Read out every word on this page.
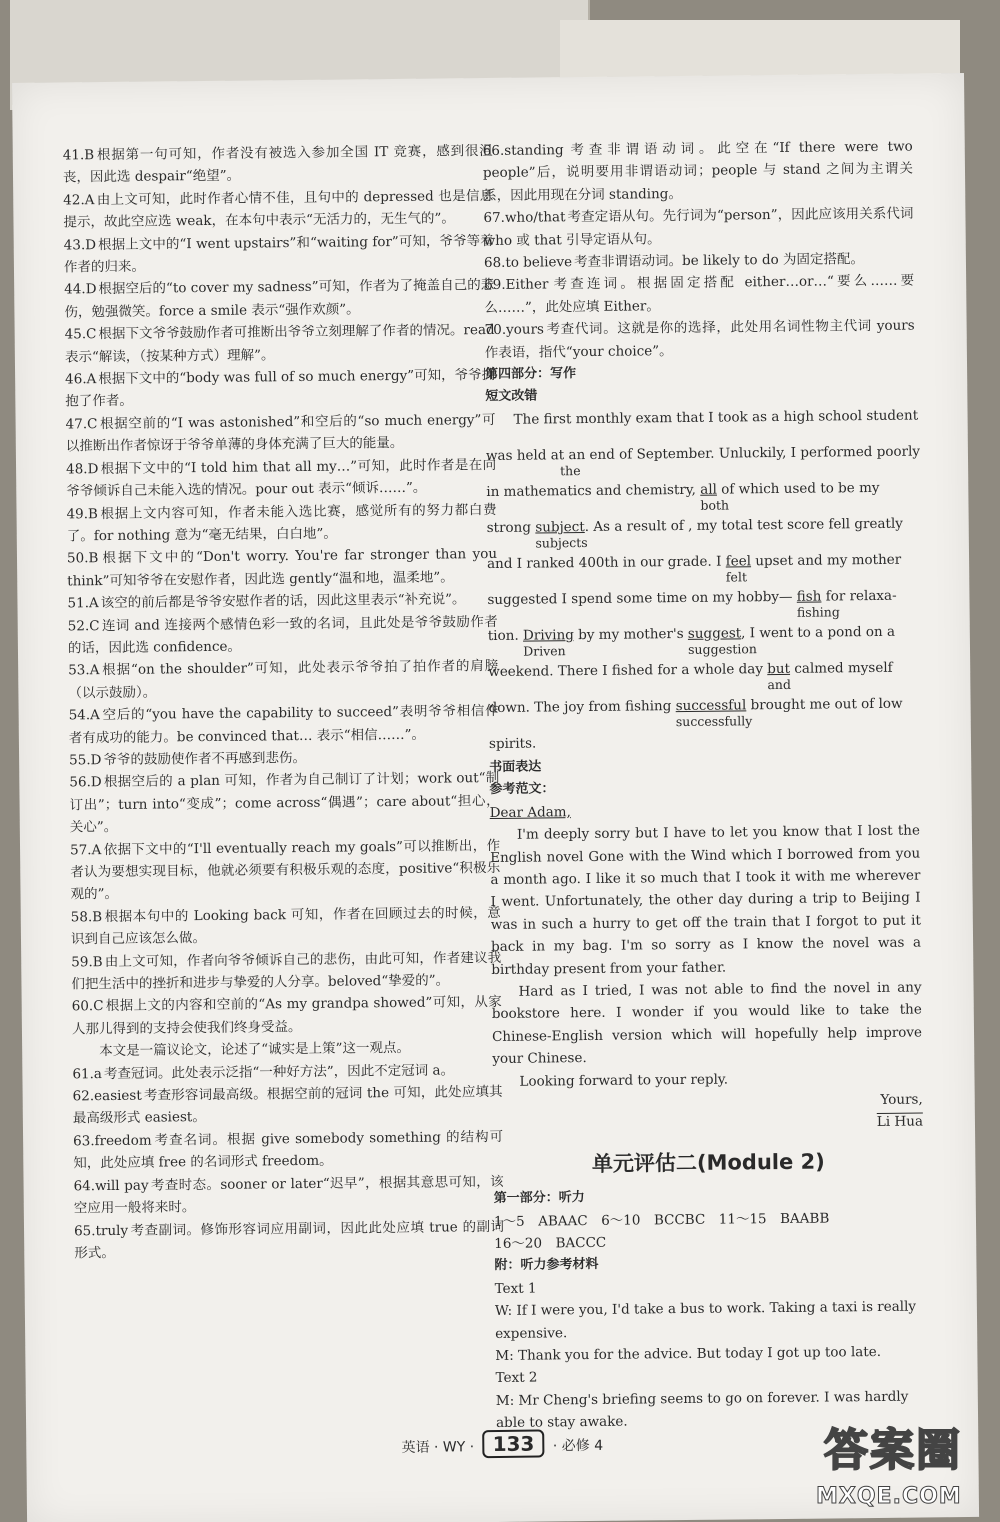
41.B 根据第一句可知，作者没有被选入参加全国 IT 竞赛，感到很沮丧，因此选 despair“绝望”。
42.A 由上文可知，此时作者心情不佳，且句中的 depressed 也是信息提示，故此空应选 weak，在本句中表示“无活力的，无生气的”。
43.D 根据上文中的“I went upstairs”和“waiting for”可知，爷爷等着作者的归来。
44.D 根据空后的“to cover my sadness”可知，作者为了掩盖自己的悲伤，勉强微笑。force a smile 表示“强作欢颜”。
45.C 根据下文爷爷鼓励作者可推断出爷爷立刻理解了作者的情况。read 表示“解读，（按某种方式）理解”。
46.A 根据下文中的“body was full of so much energy”可知，爷爷拥抱了作者。
47.C 根据空前的“I was astonished”和空后的“so much energy”可以推断出作者惊讶于爷爷单薄的身体充满了巨大的能量。
48.D 根据下文中的“I told him that all my…”可知，此时作者是在向爷爷倾诉自己未能入选的情况。pour out 表示“倾诉……”。
49.B 根据上文内容可知，作者未能入选比赛，感觉所有的努力都白费了。for nothing 意为“毫无结果，白白地”。
50.B 根据下文中的“Don't worry. You're far stronger than you think”可知爷爷在安慰作者，因此选 gently“温和地，温柔地”。
51.A 该空的前后都是爷爷安慰作者的话，因此这里表示“补充说”。
52.C 连词 and 连接两个感情色彩一致的名词，且此处是爷爷鼓励作者的话，因此选 confidence。
53.A 根据“on the shoulder”可知，此处表示爷爷拍了拍作者的肩膀（以示鼓励）。
54.A 空后的“you have the capability to succeed”表明爷爷相信作者有成功的能力。be convinced that… 表示“相信……”。
55.D 爷爷的鼓励使作者不再感到悲伤。
56.D 根据空后的 a plan 可知，作者为自己制订了计划；work out“制订出”；turn into“变成”；come across“偶遇”；care about“担心，关心”。
57.A 依据下文中的“I'll eventually reach my goals”可以推断出，作者认为要想实现目标，他就必须要有积极乐观的态度，positive“积极乐观的”。
58.B 根据本句中的 Looking back 可知，作者在回顾过去的时候，意识到自己应该怎么做。
59.B 由上文可知，作者向爷爷倾诉自己的悲伤，由此可知，作者建议我们把生活中的挫折和进步与挚爱的人分享。beloved“挚爱的”。
60.C 根据上文的内容和空前的“As my grandpa showed”可知，从家人那儿得到的支持会使我们终身受益。
本文是一篇议论文，论述了“诚实是上策”这一观点。
61.a 考查冠词。此处表示泛指“一种好方法”，因此不定冠词 a。
62.easiest 考查形容词最高级。根据空前的冠词 the 可知，此处应填其最高级形式 easiest。
63.freedom 考查名词。根据 give somebody something 的结构可知，此处应填 free 的名词形式 freedom。
64.will pay 考查时态。sooner or later“迟早”，根据其意思可知，该空应用一般将来时。
65.truly 考查副词。修饰形容词应用副词，因此此处应填 true 的副词形式。
66.standing 考查非谓语动词。此空在“If there were two people”后，说明要用非谓语动词；people 与 stand 之间为主谓关系，因此用现在分词 standing。
67.who/that 考查定语从句。先行词为“person”，因此应该用关系代词 who 或 that 引导定语从句。
68.to believe 考查非谓语动词。be likely to do 为固定搭配。
69.Either 考查连词。根据固定搭配 either…or…“要么……要么……”，此处应填 Either。
70.yours 考查代词。这就是你的选择，此处用名词性物主代词 yours 作表语，指代“your choice”。
第四部分：写作
短文改错
The first monthly exam that I took as a high school student
was held at an end of September. Unluckily, I performed poorly
the
in mathematics and chemistry, all
both
of which used to be my
strong subject
subjects
. As a result of , my total test score fell greatly
and I ranked 400th in our grade. I feel
felt
upset and my mother
suggested I spend some time on my hobby— fish
fishing
for relaxa-
tion. Driving
Driven
by my mother's suggest
suggestion
, I went to a pond on a
weekend. There I fished for a whole day but
and
calmed myself
down. The joy from fishing successful
successfully
brought me out of low
spirits.
书面表达
参考范文：
Dear Adam,

I'm deeply sorry but I have to let you know that I lost the English novel Gone with the Wind which I borrowed from you a month ago. I like it so much that I took it with me wherever I went. Unfortunately, the other day during a trip to Beijing I was in such a hurry to get off the train that I forgot to put it back in my bag. I'm so sorry as I know the novel was a birthday present from your father.

Hard as I tried, I was not able to find the novel in any bookstore here. I wonder if you would like to take the Chinese-English version which will hopefully help improve your Chinese.

Looking forward to your reply.

Yours,
Li Hua
单元评估二(Module 2)
第一部分：听力
1～5　ABAAC　6～10　BCCBC　11～15　BAABB
16～20　BACCC
附：听力参考材料
Text 1
W: If I were you, I'd take a bus to work. Taking a taxi is really expensive.
M: Thank you for the advice. But today I got up too late.
Text 2
M: Mr Cheng's briefing seems to go on forever. I was hardly able to stay awake.
英语 · WY · 133 · 必修 4	答案圈
MXQE.COM
